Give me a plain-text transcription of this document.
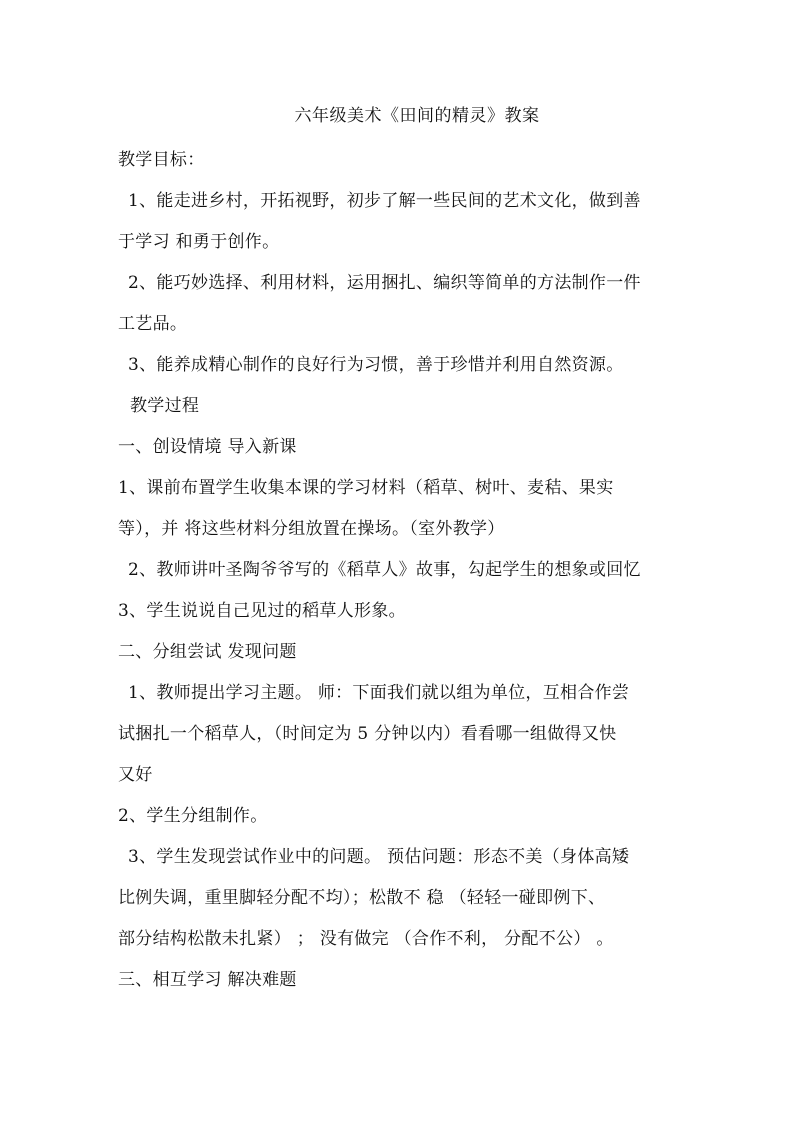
六年级美术《田间的精灵》教案
教学目标：
1、能走进乡村，开拓视野，初步了解一些民间的艺术文化，做到善
于学习 和勇于创作。
2、能巧妙选择、利用材料，运用捆扎、编织等简单的方法制作一件
工艺品。
3、能养成精心制作的良好行为习惯，善于珍惜并利用自然资源。
教学过程
一、创设情境 导入新课
1、课前布置学生收集本课的学习材料（稻草、树叶、麦秸、果实
等），并 将这些材料分组放置在操场。（室外教学）
2、教师讲叶圣陶爷爷写的《稻草人》故事，勾起学生的想象或回忆
3、学生说说自己见过的稻草人形象。
二、分组尝试 发现问题
1、教师提出学习主题。 师：下面我们就以组为单位，互相合作尝
试捆扎一个稻草人，（时间定为 5 分钟以内）看看哪一组做得又快
又好
2、学生分组制作。
3、学生发现尝试作业中的问题。 预估问题：形态不美（身体高矮
比例失调，重里脚轻分配不均）；松散不 稳 （轻轻一碰即例下、
部分结构松散未扎紧） ； 没有做完 （合作不利， 分配不公） 。
三、相互学习 解决难题
